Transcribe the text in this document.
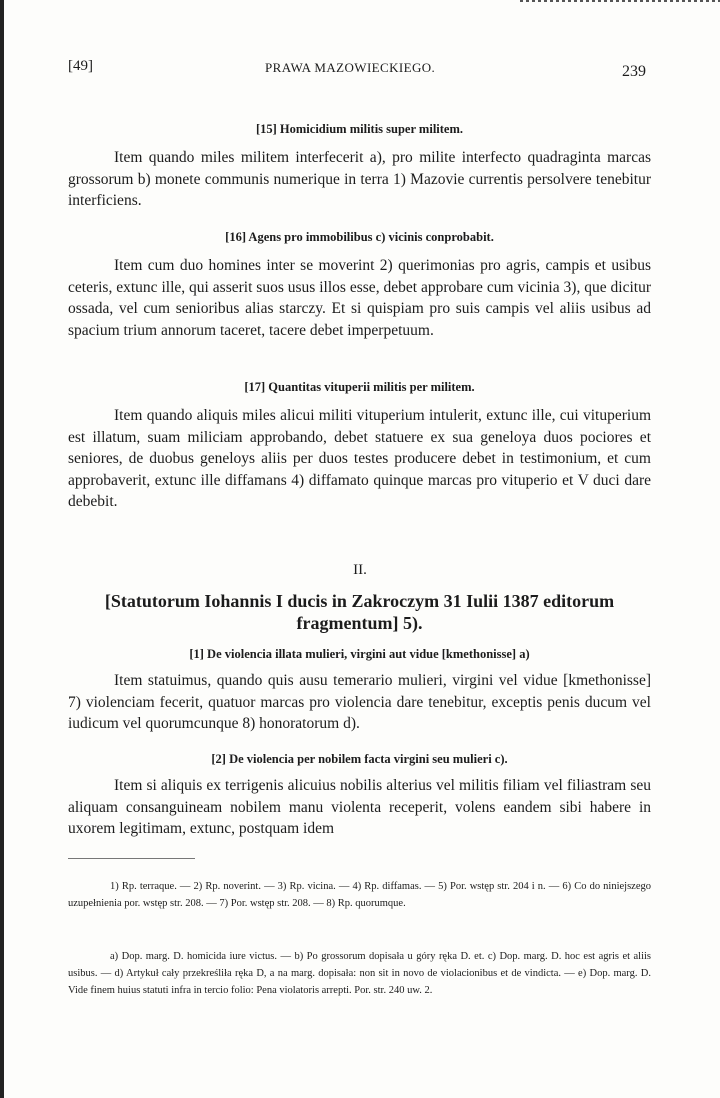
[49]	PRAWA MAZOWIECKIEGO.	239

[15] Homicidium militis super militem.

Item quando miles militem interfecerit a), pro milite interfecto quadraginta marcas grossorum b) monete communis numerique in terra 1) Mazovie currentis persolvere tenebitur interficiens.

[16] Agens pro immobilibus c) vicinis conprobabit.

Item cum duo homines inter se moverint 2) querimonias pro agris, campis et usibus ceteris, extunc ille, qui asserit suos usus illos esse, debet approbare cum vicinia 3), que dicitur ossada, vel cum senioribus alias starczy. Et si quispiam pro suis campis vel aliis usibus ad spacium trium annorum taceret, tacere debet imperpetuum.

[17] Quantitas vituperii militis per militem.

Item quando aliquis miles alicui militi vituperium intulerit, extunc ille, cui vituperium est illatum, suam miliciam approbando, debet statuere ex sua geneloya duos pociores et seniores, de duobus geneloys aliis per duos testes producere debet in testimonium, et cum approbaverit, extunc ille diffamans 4) diffamato quinque marcas pro vituperio et V duci dare debebit.

II.

[Statutorum Iohannis I ducis in Zakroczym 31 Iulii 1387 editorum fragmentum] 5).

[1] De violencia illata mulieri, virgini aut vidue [kmethonisse] a)

Item statuimus, quando quis ausu temerario mulieri, virgini vel vidue [kmethonisse] 7) violenciam fecerit, quatuor marcas pro violencia dare tenebitur, exceptis penis ducum vel iudicum vel quorumcunque 8) honoratorum d).

[2] De violencia per nobilem facta virgini seu mulieri c).

Item si aliquis ex terrigenis alicuius nobilis alterius vel militis filiam vel filiastram seu aliquam consanguineam nobilem manu violenta receperit, volens eandem sibi habere in uxorem legitimam, extunc, postquam idem

1) Rp. terraque. — 2) Rp. noverint. — 3) Rp. vicina. — 4) Rp. diffamas. — 5) Por. wstęp str. 204 i n. — 6) Co do niniejszego uzupełnienia por. wstęp str. 208. — 7) Por. wstęp str. 208. — 8) Rp. quorumque.

a) Dop. marg. D. homicida iure victus. — b) Po grossorum dopisała u góry ręka D. et. c) Dop. marg. D. hoc est agris et aliis usibus. — d) Artykuł cały przekreśliła ręka D, a na marg. dopisała: non sit in novo de violacionibus et de vindicta. — e) Dop. marg. D. Vide finem huius statuti infra in tercio folio: Pena violatoris arrepti. Por. str. 240 uw. 2.
